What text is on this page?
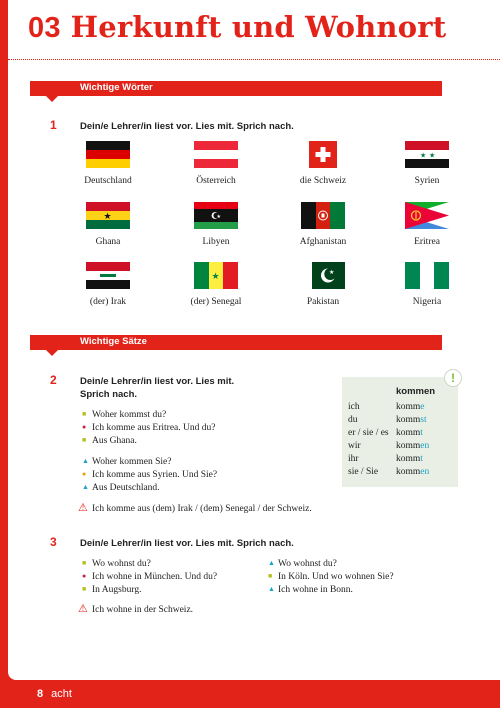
03 Herkunft und Wohnort
Wichtige Wörter
1 Dein/e Lehrer/in liest vor. Lies mit. Sprich nach.
Deutschland	Österreich	die Schweiz
★ ★
Syrien
★
Ghana
★
Libyen	Afghanistan	Eritrea
(der) Irak
★
(der) Senegal
★
Pakistan	Nigeria
Wichtige Sätze
2 Dein/e Lehrer/in liest vor. Lies mit.
Sprich nach.
■ Woher kommst du?
● Ich komme aus Eritrea. Und du?
■ Aus Ghana.
▲ Woher kommen Sie?
● Ich komme aus Syrien. Und Sie?
▲ Aus Deutschland.
⚠ Ich komme aus (dem) Irak / (dem) Senegal / der Schweiz.
!
kommen
ich	komme
du	kommst
er / sie / es kommt
wir	kommen
ihr	kommt
sie / Sie kommen
3 Dein/e Lehrer/in liest vor. Lies mit. Sprich nach.
■ Wo wohnst du?
● Ich wohne in München. Und du?
■ In Augsburg.
▲ Wo wohnst du?
■ In Köln. Und wo wohnen Sie?
▲ Ich wohne in Bonn.
⚠ Ich wohne in der Schweiz.
8 acht
